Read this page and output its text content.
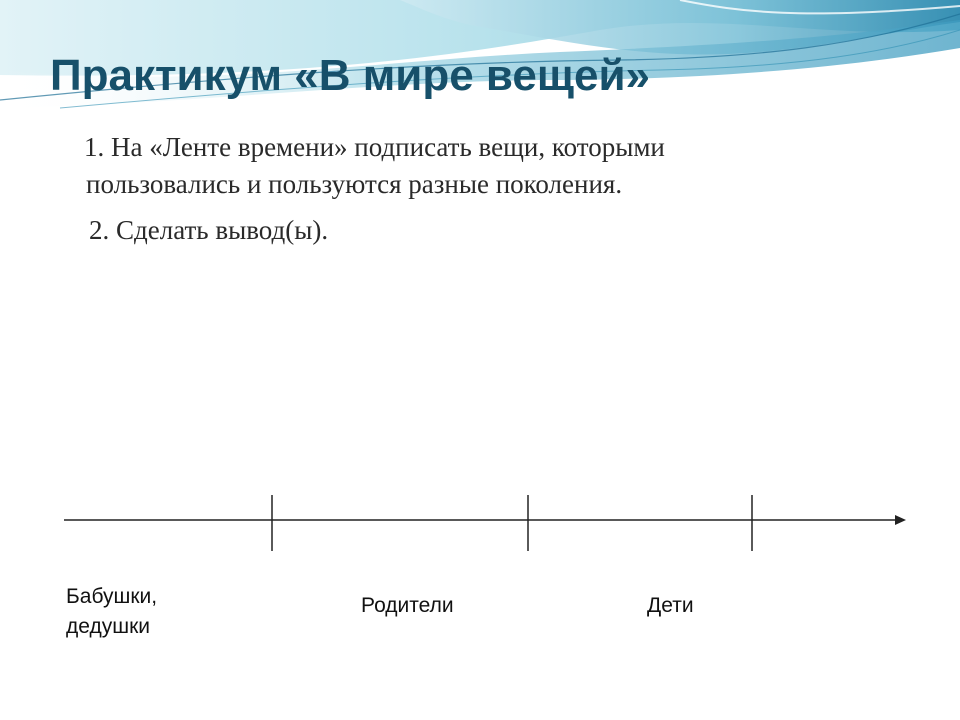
Практикум «В мире вещей»
1. На «Ленте времени» подписать вещи, которыми
пользовались и пользуются разные поколения.
2. Сделать вывод(ы).
Бабушки,
дедушки
Родители	Дети
